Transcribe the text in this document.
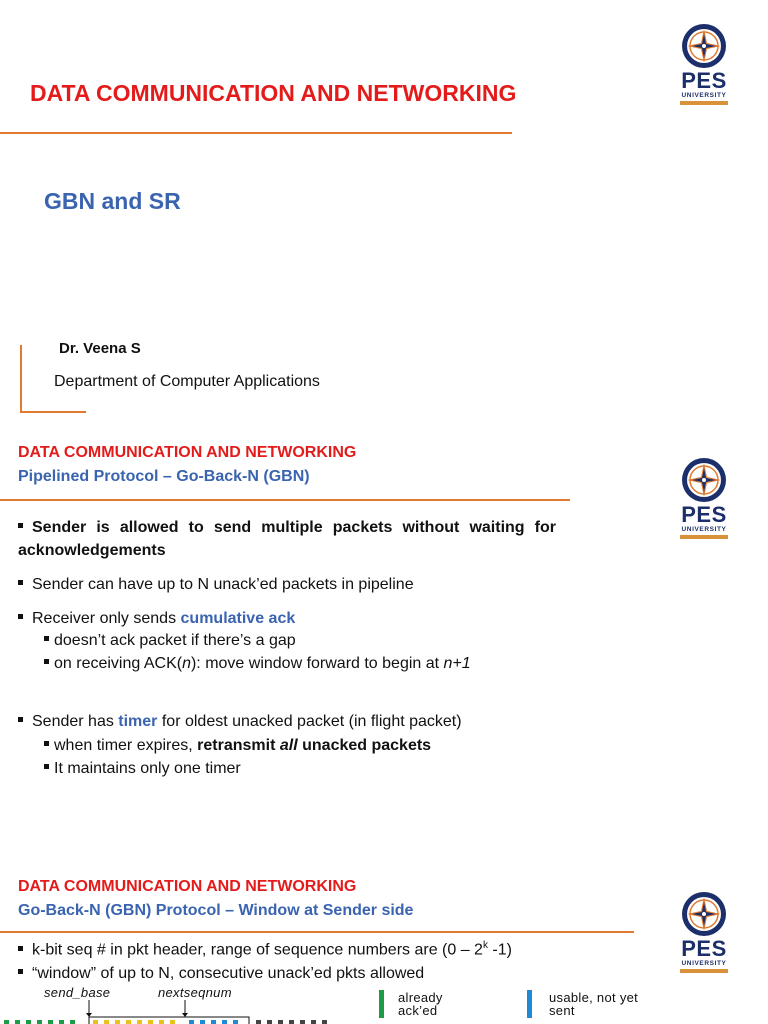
PES
UNIVERSITY
DATA COMMUNICATION AND NETWORKING
GBN and SR
Dr. Veena S
Department of Computer Applications
DATA COMMUNICATION AND NETWORKING
Pipelined Protocol – Go-Back-N (GBN)
PES
UNIVERSITY
Sender is allowed to send multiple packets without waiting for acknowledgements
Sender can have up to N unack’ed packets in pipeline
Receiver only sends cumulative ack
doesn’t ack packet if there’s a gap
on receiving ACK(n): move window forward to begin at n+1
Sender has timer for oldest unacked packet (in flight packet)
when timer expires, retransmit all unacked packets
It maintains only one timer
DATA COMMUNICATION AND NETWORKING
Go-Back-N (GBN) Protocol – Window at Sender side
PES
UNIVERSITY
k-bit seq # in pkt header, range of sequence numbers are (0 – 2$^k$ -1)
“window” of up to N, consecutive unack’ed pkts allowed
send_base	nextseqnum	already ack’ed
usable, not yet sent
